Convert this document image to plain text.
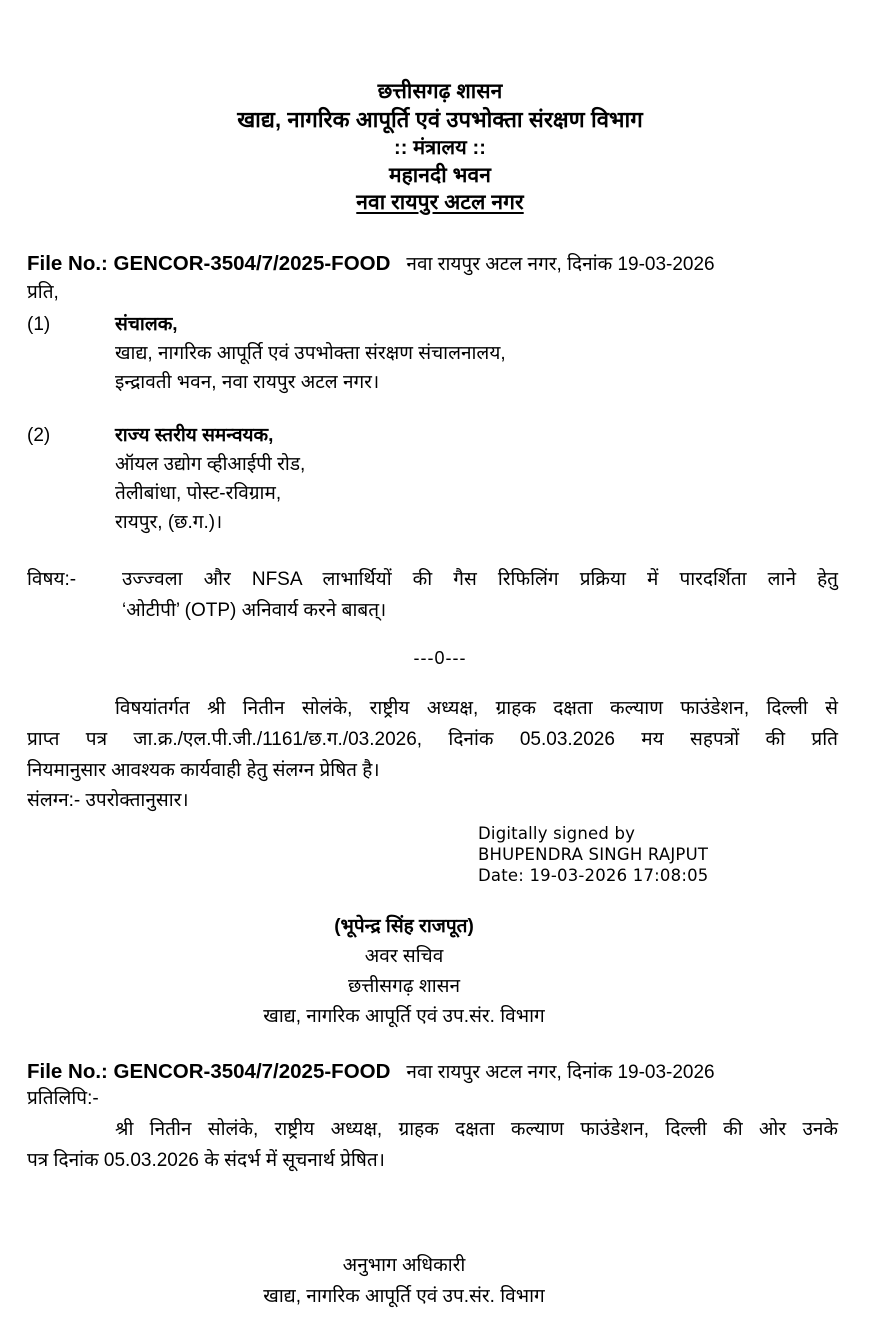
छत्तीसगढ़ शासन
खाद्य, नागरिक आपूर्ति एवं उपभोक्ता संरक्षण विभाग
:: मंत्रालय ::
महानदी भवन
नवा रायपुर अटल नगर
File No.: GENCOR-3504/7/2025-FOOD नवा रायपुर अटल नगर, दिनांक 19-03-2026
प्रति,
(1)	संचालक,
खाद्य, नागरिक आपूर्ति एवं उपभोक्ता संरक्षण संचालनालय,
इन्द्रावती भवन, नवा रायपुर अटल नगर।
(2)	राज्य स्तरीय समन्वयक,
ऑयल उद्योग व्हीआईपी रोड,
तेलीबांधा, पोस्ट-रविग्राम,
रायपुर, (छ.ग.)।
विषय:- उज्ज्वला और NFSA लाभार्थियों की गैस रिफिलिंग प्रक्रिया में पारदर्शिता लाने हेतु
‘ओटीपी’ (OTP) अनिवार्य करने बाबत्।
---0---
विषयांतर्गत श्री नितीन सोलंके, राष्ट्रीय अध्यक्ष, ग्राहक दक्षता कल्याण फाउंडेशन, दिल्ली से
प्राप्त पत्र जा.क्र./एल.पी.जी./1161/छ.ग./03.2026, दिनांक 05.03.2026 मय सहपत्रों की प्रति
नियमानुसार आवश्यक कार्यवाही हेतु संलग्न प्रेषित है।
संलग्न:- उपरोक्तानुसार।
Digitally signed by
BHUPENDRA SINGH RAJPUT
Date: 19-03-2026 17:08:05
(भूपेन्द्र सिंह राजपूत)
अवर सचिव
छत्तीसगढ़ शासन
खाद्य, नागरिक आपूर्ति एवं उप.संर. विभाग
File No.: GENCOR-3504/7/2025-FOOD नवा रायपुर अटल नगर, दिनांक 19-03-2026
प्रतिलिपि:-
श्री नितीन सोलंके, राष्ट्रीय अध्यक्ष, ग्राहक दक्षता कल्याण फाउंडेशन, दिल्ली की ओर उनके
पत्र दिनांक 05.03.2026 के संदर्भ में सूचनार्थ प्रेषित।
अनुभाग अधिकारी
खाद्य, नागरिक आपूर्ति एवं उप.संर. विभाग
